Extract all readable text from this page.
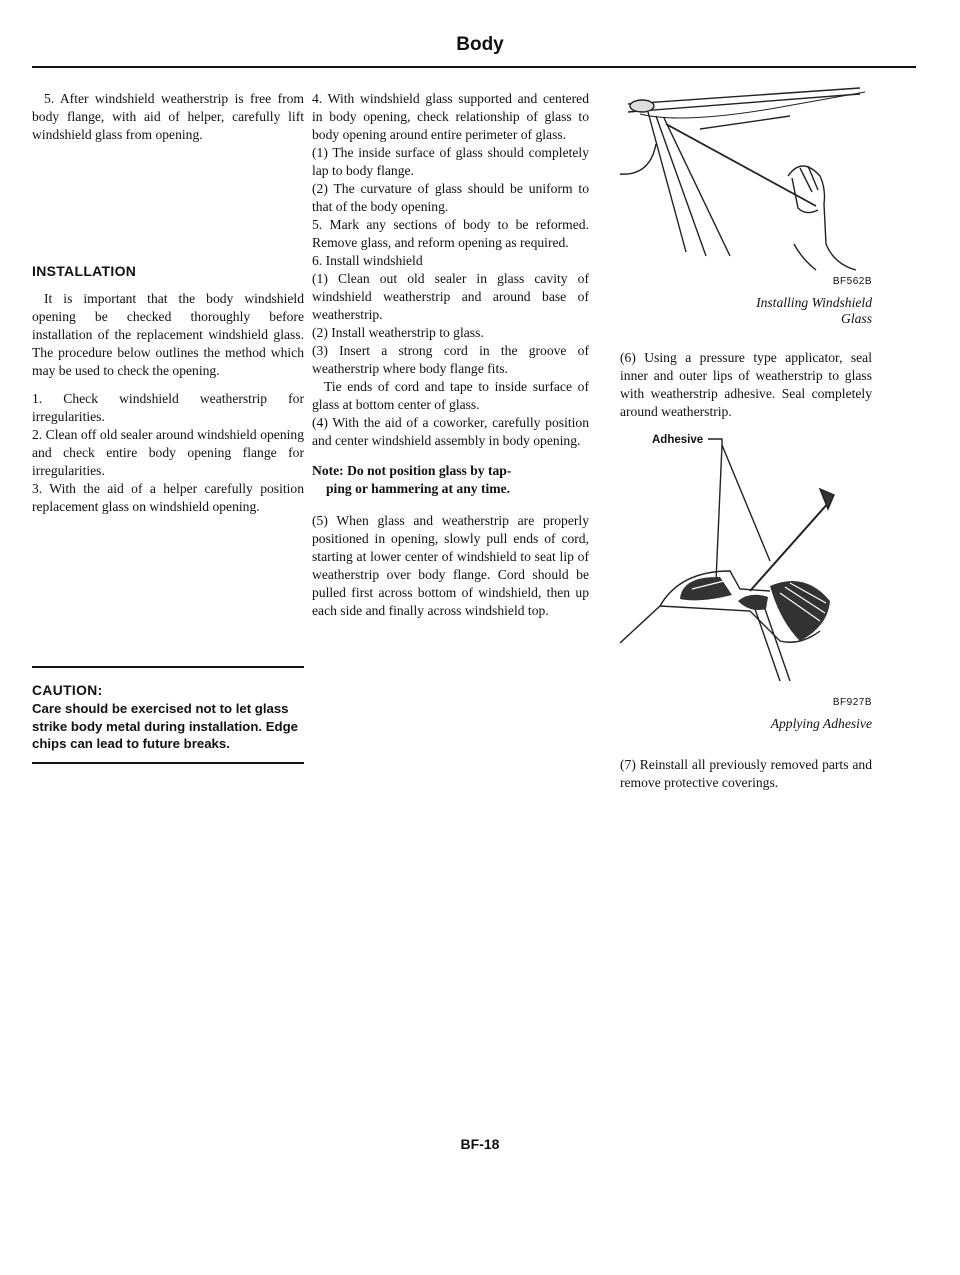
Body

5. After windshield weatherstrip is free from body flange, with aid of helper, carefully lift windshield glass from opening.

INSTALLATION

It is important that the body windshield opening be checked thoroughly before installation of the replacement windshield glass. The procedure below outlines the method which may be used to check the opening.

1. Check windshield weatherstrip for irregularities.

2. Clean off old sealer around windshield opening and check entire body opening flange for irregularities.

3. With the aid of a helper carefully position replacement glass on windshield opening.

CAUTION:
Care should be exercised not to let glass strike body metal during installation. Edge chips can lead to future breaks.

4. With windshield glass supported and centered in body opening, check relationship of glass to body opening around entire perimeter of glass.

(1) The inside surface of glass should completely lap to body flange.

(2) The curvature of glass should be uniform to that of the body opening.

5. Mark any sections of body to be reformed. Remove glass, and reform opening as required.

6. Install windshield

(1) Clean out old sealer in glass cavity of windshield weatherstrip and around base of weatherstrip.

(2) Install weatherstrip to glass.

(3) Insert a strong cord in the groove of weatherstrip where body flange fits.

Tie ends of cord and tape to inside surface of glass at bottom center of glass.

(4) With the aid of a coworker, carefully position and center windshield assembly in body opening.

Note: Do not position glass by tap-
ping or hammering at any time.

(5) When glass and weatherstrip are properly positioned in opening, slowly pull ends of cord, starting at lower center of windshield to seat lip of weatherstrip over body flange. Cord should be pulled first across bottom of windshield, then up each side and finally across windshield top.

BF562B
Installing Windshield
Glass

(6) Using a pressure type applicator, seal inner and outer lips of weatherstrip to glass with weatherstrip adhesive. Seal completely around weatherstrip.

Adhesive
BF927B
Applying Adhesive

(7) Reinstall all previously removed parts and remove protective coverings.

BF-18
